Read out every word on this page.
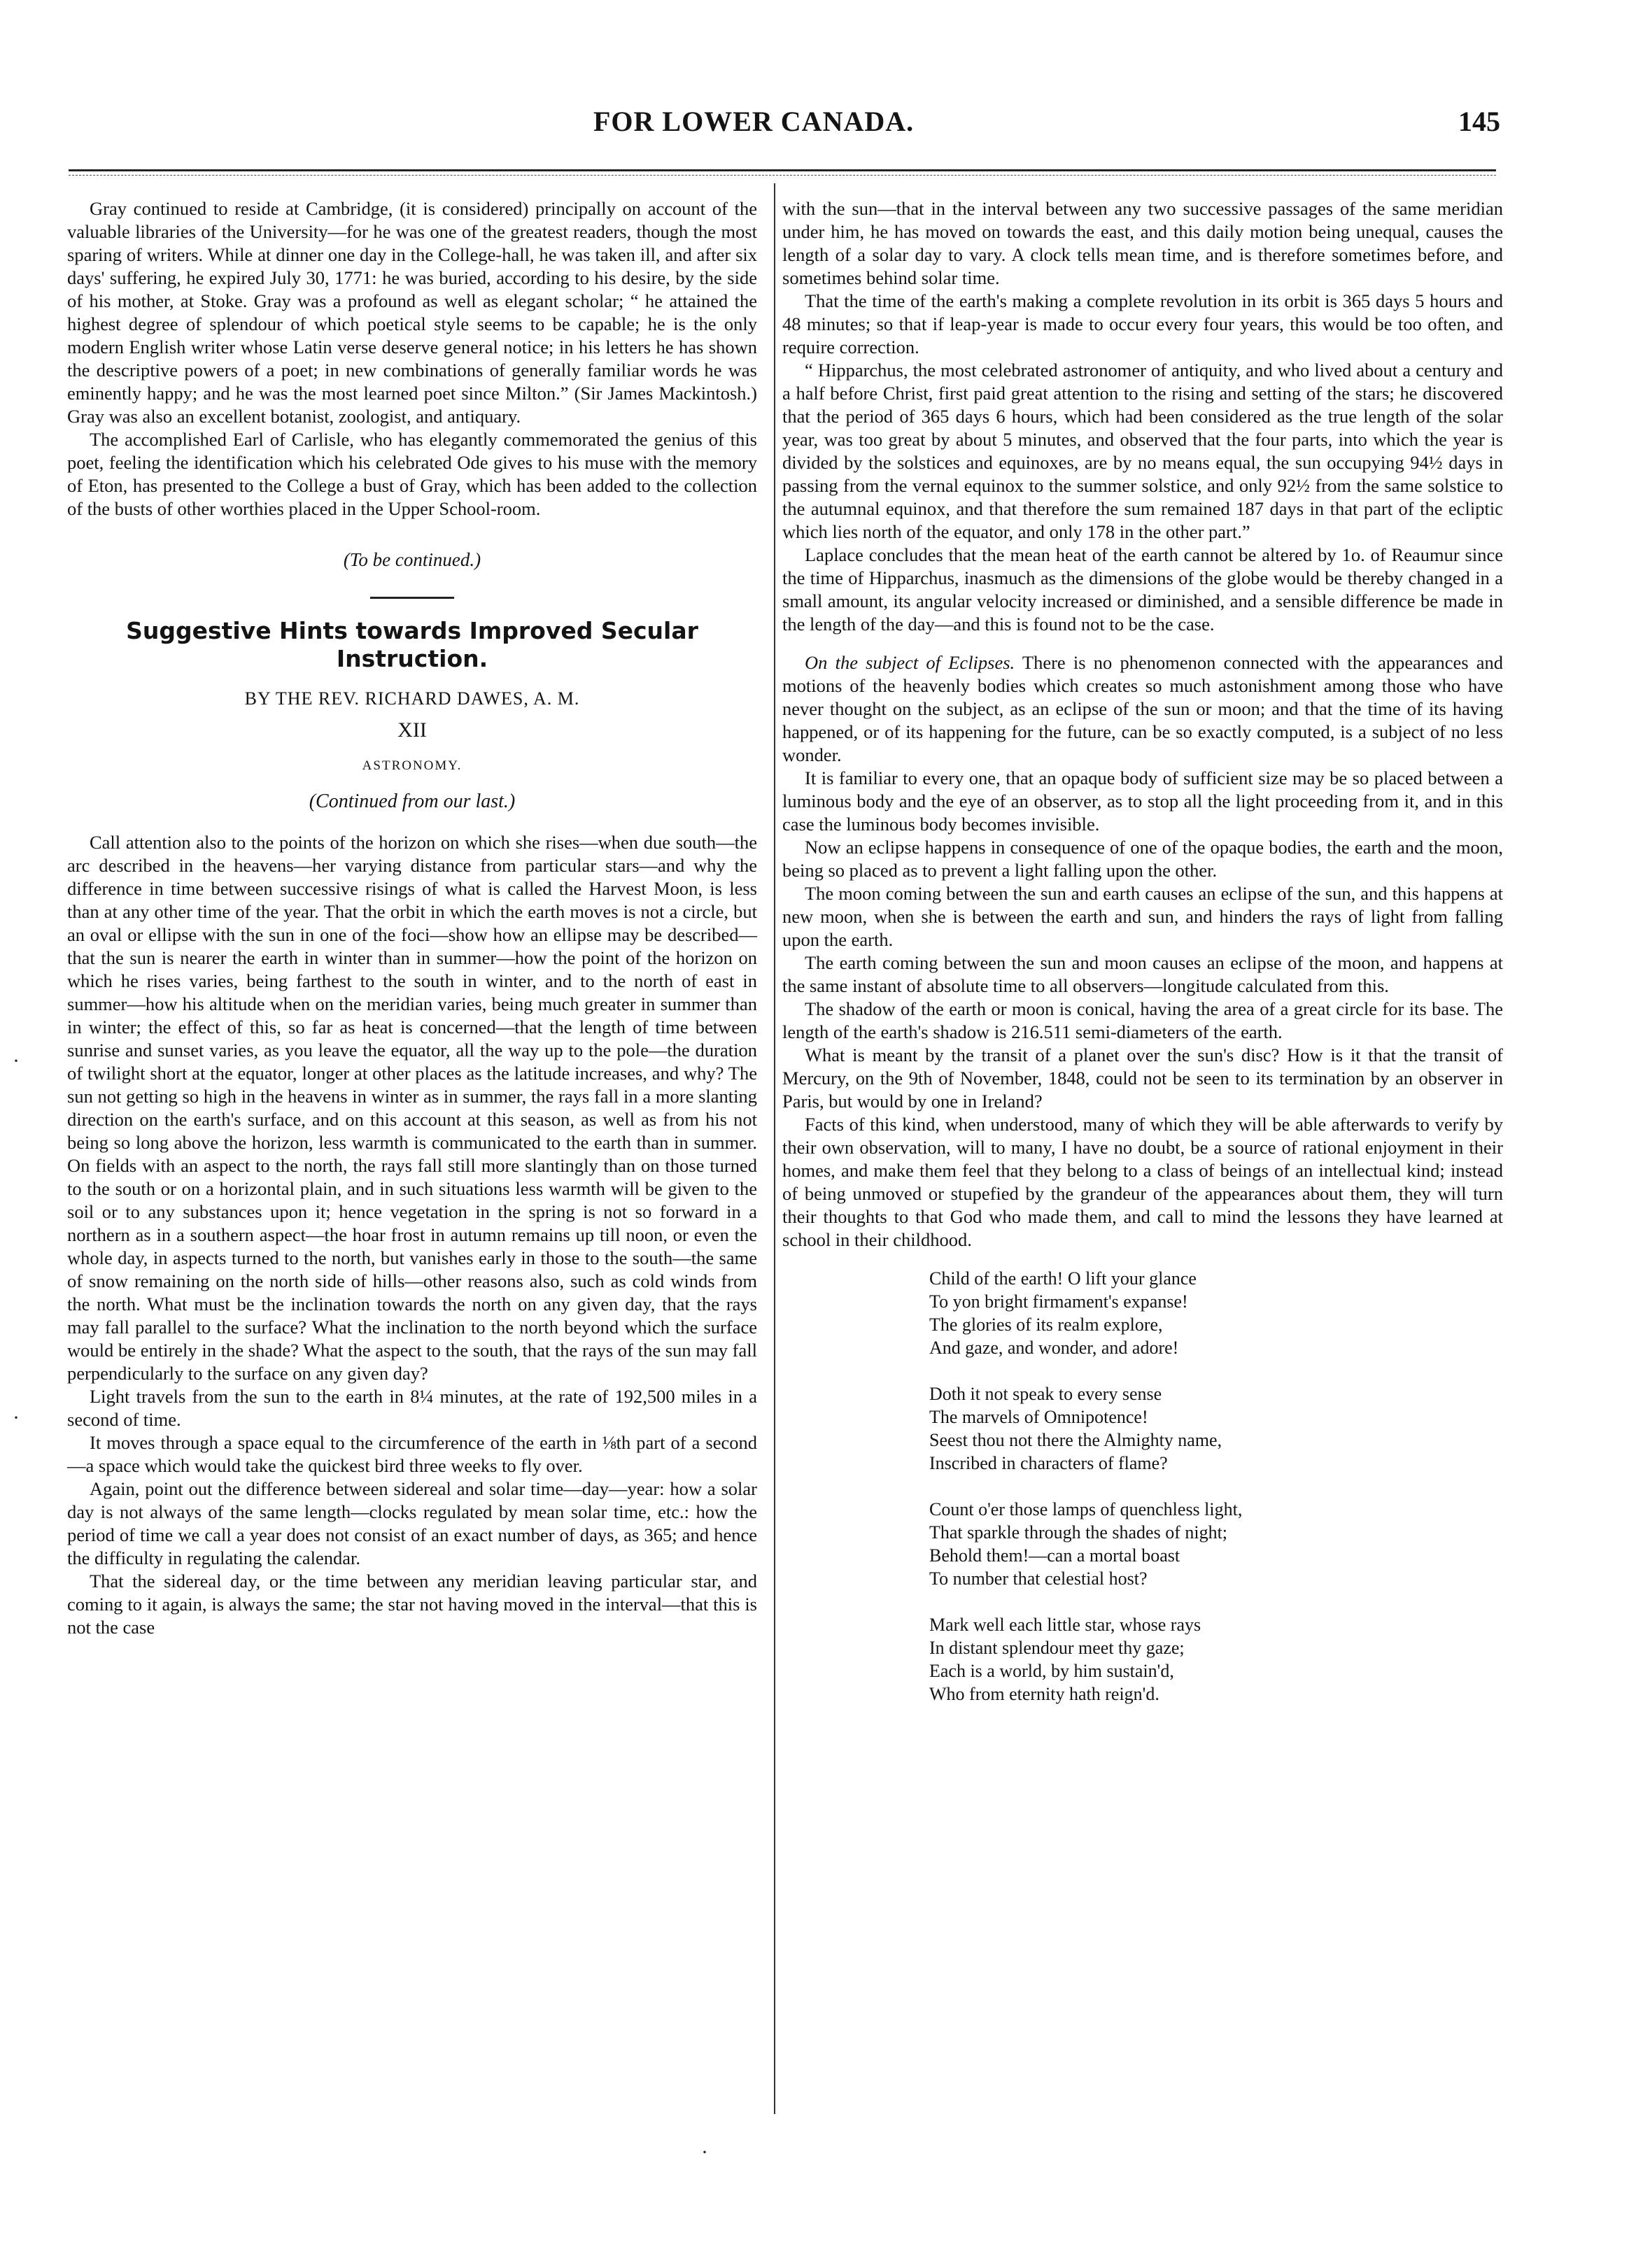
FOR LOWER CANADA.	145

Gray continued to reside at Cambridge, (it is considered) principally on account of the valuable libraries of the University—for he was one of the greatest readers, though the most sparing of writers. While at dinner one day in the College-hall, he was taken ill, and after six days' suffering, he expired July 30, 1771: he was buried, according to his desire, by the side of his mother, at Stoke. Gray was a profound as well as elegant scholar; “ he attained the highest degree of splendour of which poetical style seems to be capable; he is the only modern English writer whose Latin verse deserve general notice; in his letters he has shown the descriptive powers of a poet; in new combinations of generally familiar words he was eminently happy; and he was the most learned poet since Milton.” (Sir James Mackintosh.) Gray was also an excellent botanist, zoologist, and antiquary.

The accomplished Earl of Carlisle, who has elegantly commemorated the genius of this poet, feeling the identification which his celebrated Ode gives to his muse with the memory of Eton, has presented to the College a bust of Gray, which has been added to the collection of the busts of other worthies placed in the Upper School-room.

(To be continued.)

Suggestive Hints towards Improved Secular Instruction.
BY THE REV. RICHARD DAWES, A. M.
XII
ASTRONOMY.
(Continued from our last.)

Call attention also to the points of the horizon on which she rises—when due south—the arc described in the heavens—her varying distance from particular stars—and why the difference in time between successive risings of what is called the Harvest Moon, is less than at any other time of the year. That the orbit in which the earth moves is not a circle, but an oval or ellipse with the sun in one of the foci—show how an ellipse may be described—that the sun is nearer the earth in winter than in summer—how the point of the horizon on which he rises varies, being farthest to the south in winter, and to the north of east in summer—how his altitude when on the meridian varies, being much greater in summer than in winter; the effect of this, so far as heat is concerned—that the length of time between sunrise and sunset varies, as you leave the equator, all the way up to the pole—the duration of twilight short at the equator, longer at other places as the latitude increases, and why? The sun not getting so high in the heavens in winter as in summer, the rays fall in a more slanting direction on the earth's surface, and on this account at this season, as well as from his not being so long above the horizon, less warmth is communicated to the earth than in summer. On fields with an aspect to the north, the rays fall still more slantingly than on those turned to the south or on a horizontal plain, and in such situations less warmth will be given to the soil or to any substances upon it; hence vegetation in the spring is not so forward in a northern as in a southern aspect—the hoar frost in autumn remains up till noon, or even the whole day, in aspects turned to the north, but vanishes early in those to the south—the same of snow remaining on the north side of hills—other reasons also, such as cold winds from the north. What must be the inclination towards the north on any given day, that the rays may fall parallel to the surface? What the inclination to the north beyond which the surface would be entirely in the shade? What the aspect to the south, that the rays of the sun may fall perpendicularly to the surface on any given day?

Light travels from the sun to the earth in 8¼ minutes, at the rate of 192,500 miles in a second of time.

It moves through a space equal to the circumference of the earth in ⅛th part of a second—a space which would take the quickest bird three weeks to fly over.

Again, point out the difference between sidereal and solar time—day—year: how a solar day is not always of the same length—clocks regulated by mean solar time, etc.: how the period of time we call a year does not consist of an exact number of days, as 365; and hence the difficulty in regulating the calendar.

That the sidereal day, or the time between any meridian leaving particular star, and coming to it again, is always the same; the star not having moved in the interval—that this is not the case

with the sun—that in the interval between any two successive passages of the same meridian under him, he has moved on towards the east, and this daily motion being unequal, causes the length of a solar day to vary. A clock tells mean time, and is therefore sometimes before, and sometimes behind solar time.

That the time of the earth's making a complete revolution in its orbit is 365 days 5 hours and 48 minutes; so that if leap-year is made to occur every four years, this would be too often, and require correction.

“ Hipparchus, the most celebrated astronomer of antiquity, and who lived about a century and a half before Christ, first paid great attention to the rising and setting of the stars; he discovered that the period of 365 days 6 hours, which had been considered as the true length of the solar year, was too great by about 5 minutes, and observed that the four parts, into which the year is divided by the solstices and equinoxes, are by no means equal, the sun occupying 94½ days in passing from the vernal equinox to the summer solstice, and only 92½ from the same solstice to the autumnal equinox, and that therefore the sum remained 187 days in that part of the ecliptic which lies north of the equator, and only 178 in the other part.”

Laplace concludes that the mean heat of the earth cannot be altered by 1o. of Reaumur since the time of Hipparchus, inasmuch as the dimensions of the globe would be thereby changed in a small amount, its angular velocity increased or diminished, and a sensible difference be made in the length of the day—and this is found not to be the case.

On the subject of Eclipses. There is no phenomenon connected with the appearances and motions of the heavenly bodies which creates so much astonishment among those who have never thought on the subject, as an eclipse of the sun or moon; and that the time of its having happened, or of its happening for the future, can be so exactly computed, is a subject of no less wonder.

It is familiar to every one, that an opaque body of sufficient size may be so placed between a luminous body and the eye of an observer, as to stop all the light proceeding from it, and in this case the luminous body becomes invisible.

Now an eclipse happens in consequence of one of the opaque bodies, the earth and the moon, being so placed as to prevent a light falling upon the other.

The moon coming between the sun and earth causes an eclipse of the sun, and this happens at new moon, when she is between the earth and sun, and hinders the rays of light from falling upon the earth.

The earth coming between the sun and moon causes an eclipse of the moon, and happens at the same instant of absolute time to all observers—longitude calculated from this.

The shadow of the earth or moon is conical, having the area of a great circle for its base. The length of the earth's shadow is 216.511 semi-diameters of the earth.

What is meant by the transit of a planet over the sun's disc? How is it that the transit of Mercury, on the 9th of November, 1848, could not be seen to its termination by an observer in Paris, but would by one in Ireland?

Facts of this kind, when understood, many of which they will be able afterwards to verify by their own observation, will to many, I have no doubt, be a source of rational enjoyment in their homes, and make them feel that they belong to a class of beings of an intellectual kind; instead of being unmoved or stupefied by the grandeur of the appearances about them, they will turn their thoughts to that God who made them, and call to mind the lessons they have learned at school in their childhood.

Child of the earth! O lift your glance
To yon bright firmament's expanse!
The glories of its realm explore,
And gaze, and wonder, and adore!
Doth it not speak to every sense
The marvels of Omnipotence!
Seest thou not there the Almighty name,
Inscribed in characters of flame?
Count o'er those lamps of quenchless light,
That sparkle through the shades of night;
Behold them!—can a mortal boast
To number that celestial host?
Mark well each little star, whose rays
In distant splendour meet thy gaze;
Each is a world, by him sustain'd,
Who from eternity hath reign'd.
·
·
·
